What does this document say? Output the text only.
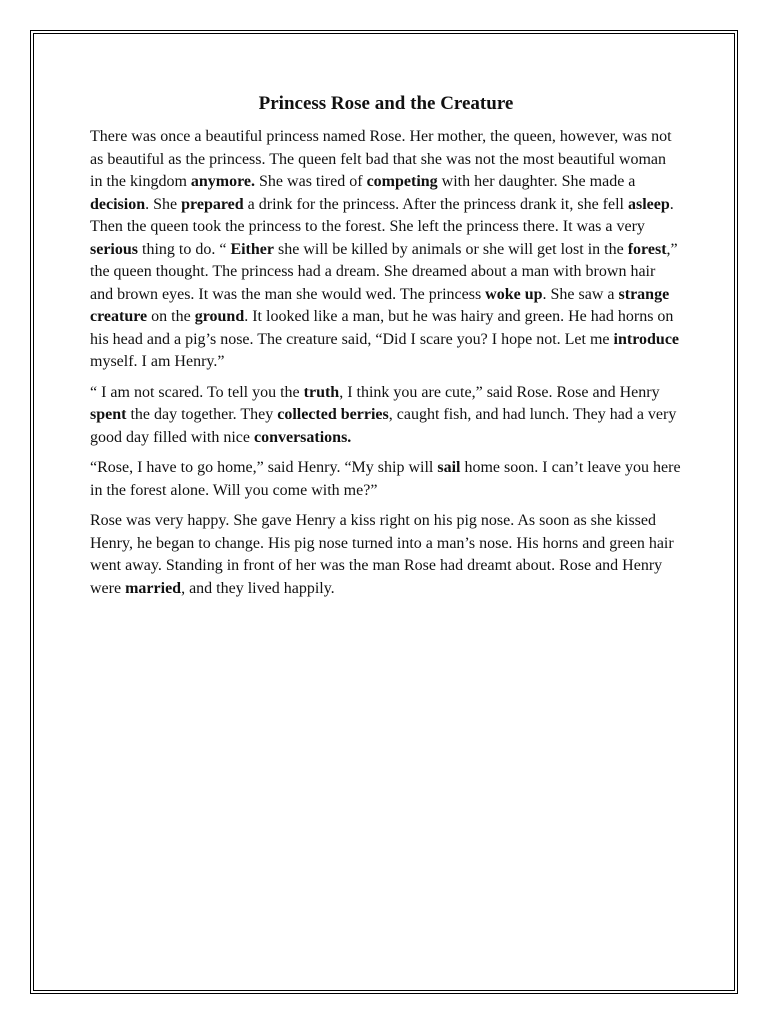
Princess Rose and the Creature

There was once a beautiful princess named Rose. Her mother, the queen, however, was not as beautiful as the princess. The queen felt bad that she was not the most beautiful woman in the kingdom anymore. She was tired of competing with her daughter. She made a decision. She prepared a drink for the princess. After the princess drank it, she fell asleep. Then the queen took the princess to the forest. She left the princess there. It was a very serious thing to do. “ Either she will be killed by animals or she will get lost in the forest,” the queen thought. The princess had a dream. She dreamed about a man with brown hair and brown eyes. It was the man she would wed. The princess woke up. She saw a strange creature on the ground. It looked like a man, but he was hairy and green. He had horns on his head and a pig’s nose. The creature said, “Did I scare you? I hope not. Let me introduce myself. I am Henry.”

“ I am not scared. To tell you the truth, I think you are cute,” said Rose. Rose and Henry spent the day together. They collected berries, caught fish, and had lunch. They had a very good day filled with nice conversations.

“Rose, I have to go home,” said Henry. “My ship will sail home soon. I can’t leave you here in the forest alone. Will you come with me?”

Rose was very happy. She gave Henry a kiss right on his pig nose. As soon as she kissed Henry, he began to change. His pig nose turned into a man’s nose. His horns and green hair went away. Standing in front of her was the man Rose had dreamt about. Rose and Henry were married, and they lived happily.
